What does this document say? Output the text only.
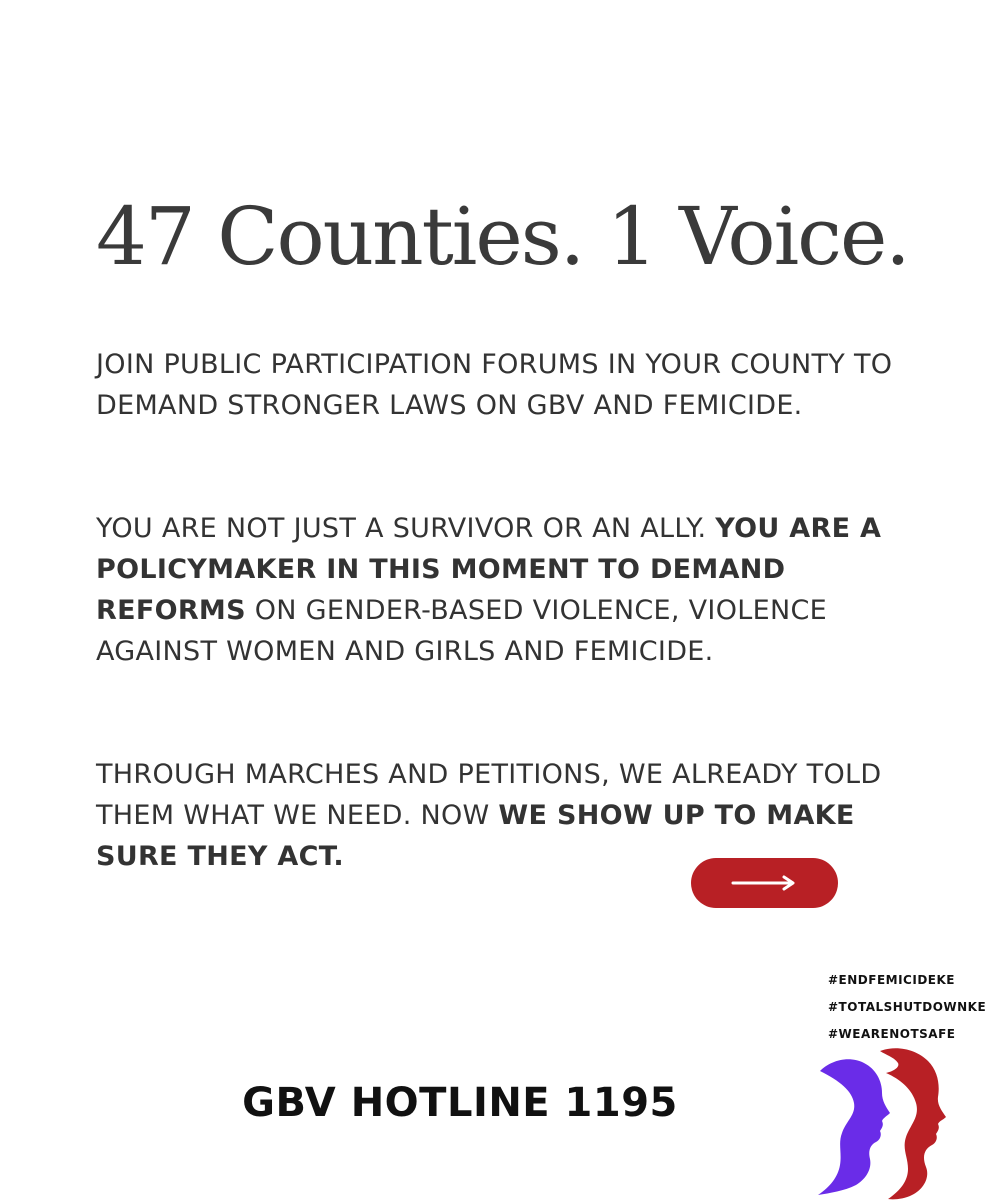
47 Counties. 1 Voice.

JOIN PUBLIC PARTICIPATION FORUMS IN YOUR COUNTY TO DEMAND STRONGER LAWS ON GBV AND FEMICIDE.

YOU ARE NOT JUST A SURVIVOR OR AN ALLY. YOU ARE A POLICYMAKER IN THIS MOMENT TO DEMAND REFORMS ON GENDER-BASED VIOLENCE, VIOLENCE AGAINST WOMEN AND GIRLS AND FEMICIDE.

THROUGH MARCHES AND PETITIONS, WE ALREADY TOLD THEM WHAT WE NEED. NOW WE SHOW UP TO MAKE SURE THEY ACT.

#ENDFEMICIDEKE
#TOTALSHUTDOWNKE
#WEARENOTSAFE
GBV HOTLINE 1195
